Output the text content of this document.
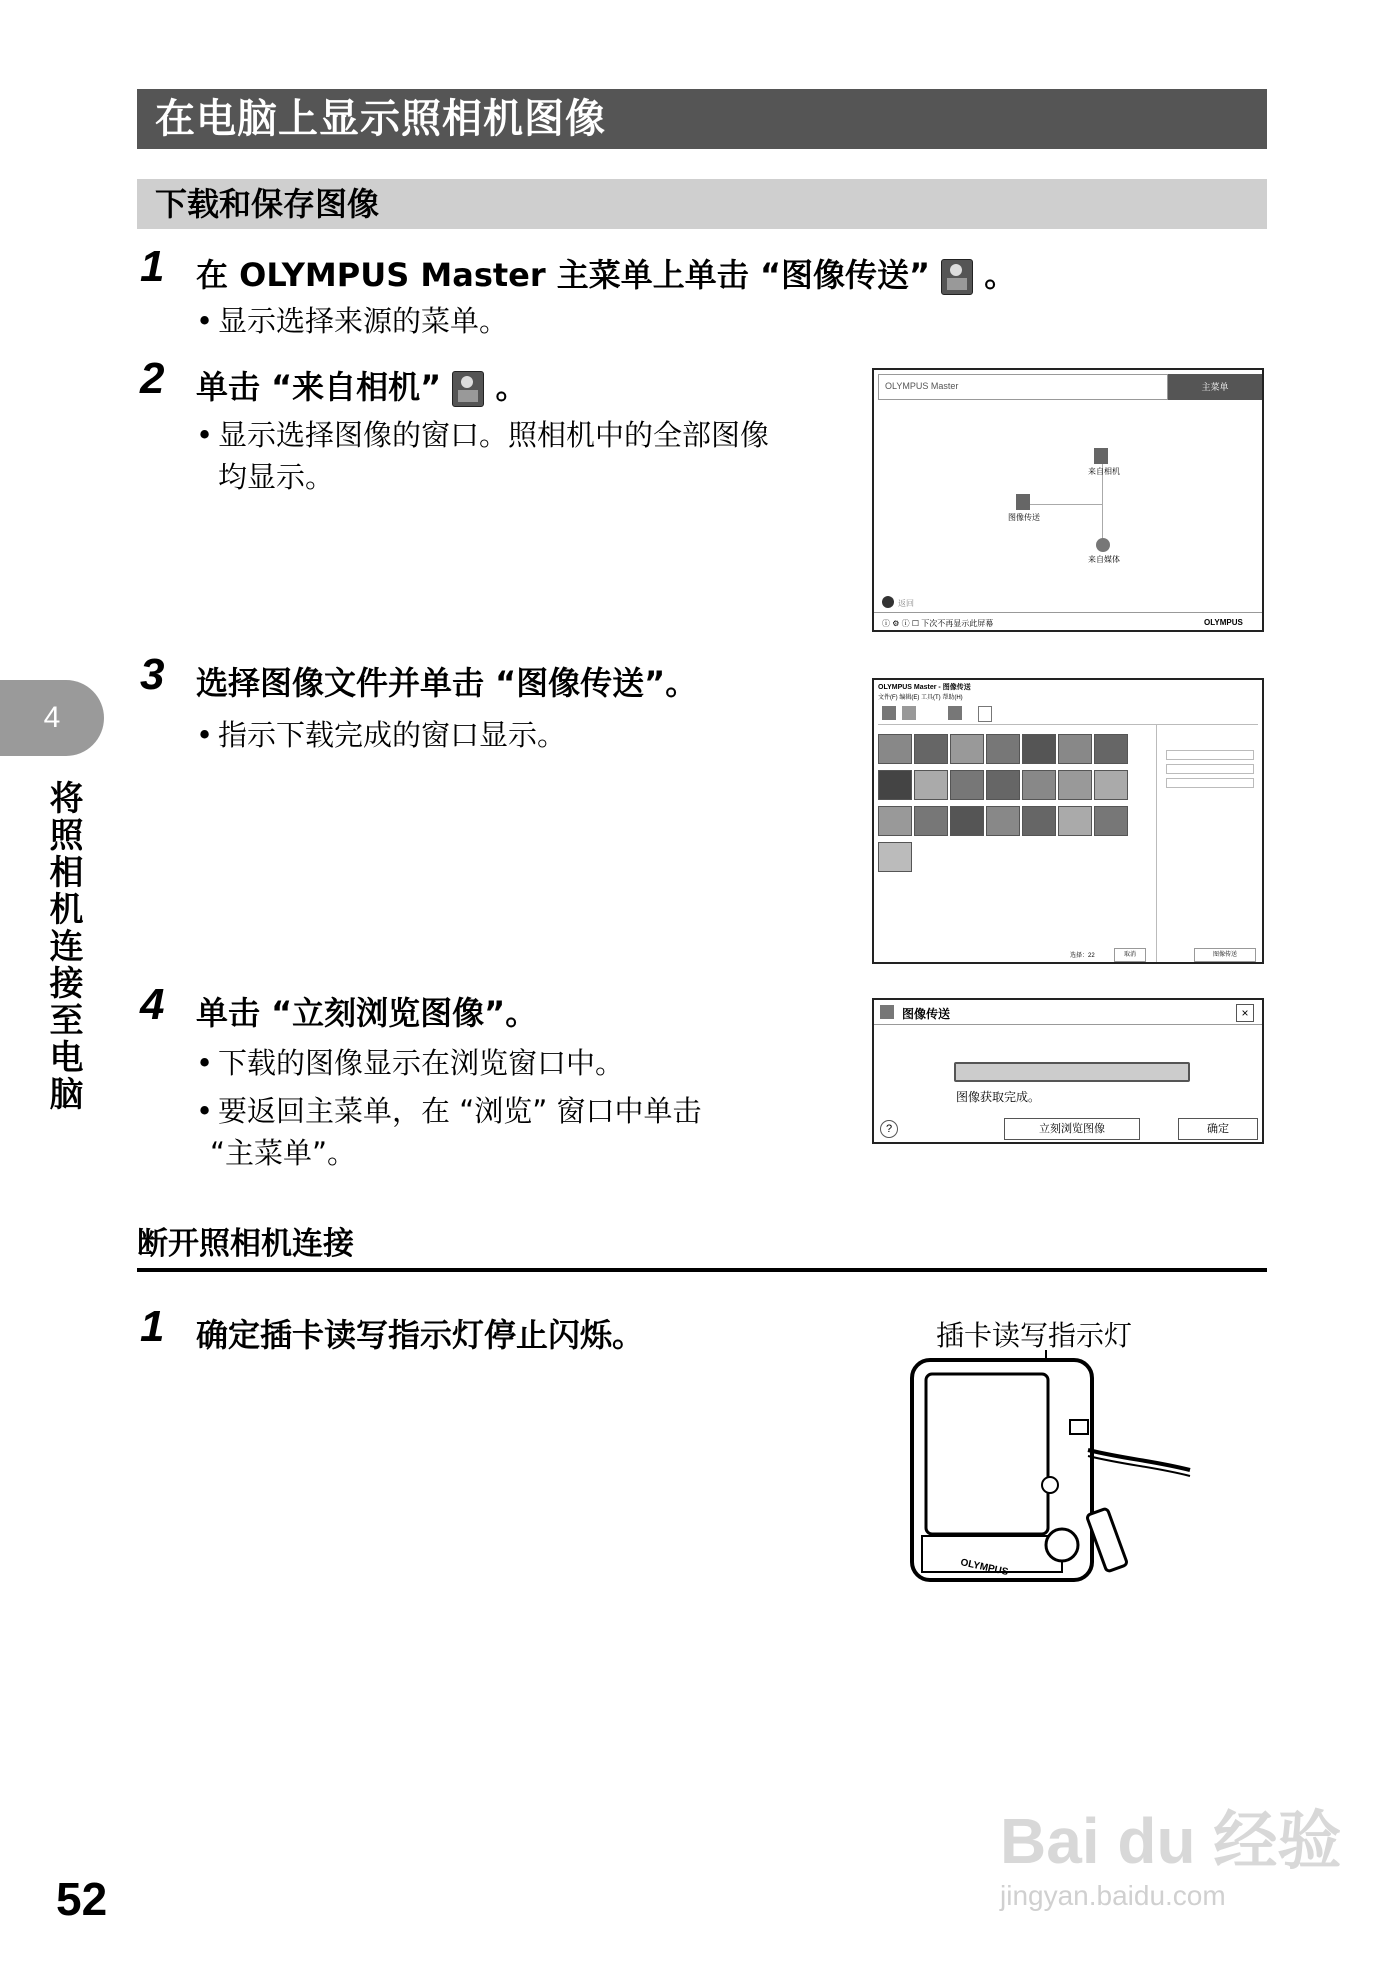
在电脑上显示照相机图像
下载和保存图像
1 在 OLYMPUS Master 主菜单上单击 “图像传送” 。
• 显示选择来源的菜单。
2 单击 “来自相机” 。
• 显示选择图像的窗口。照相机中的全部图像
均显示。
OLYMPUS Master	主菜单
来自相机
图像传送
来自媒体
返回
ⓘ ⚙ ⓘ ☐ 下次不再显示此屏幕	OLYMPUS
3 选择图像文件并单击 “图像传送”。
• 指示下载完成的窗口显示。
OLYMPUS Master - 图像传送
文件(F) 编辑(E) 工具(T) 帮助(H)
选择：22	取消	图像传送
4 单击 “立刻浏览图像”。
• 下载的图像显示在浏览窗口中。
• 要返回主菜单，在 “浏览” 窗口中单击
“主菜单”。
图像传送	×
图像获取完成。
?	立刻浏览图像	确定
断开照相机连接
1 确定插卡读写指示灯停止闪烁。	插卡读写指示灯
OLYMPUS
4
将照相机连接至电脑
52
Bai du 经验
jingyan.baidu.com
